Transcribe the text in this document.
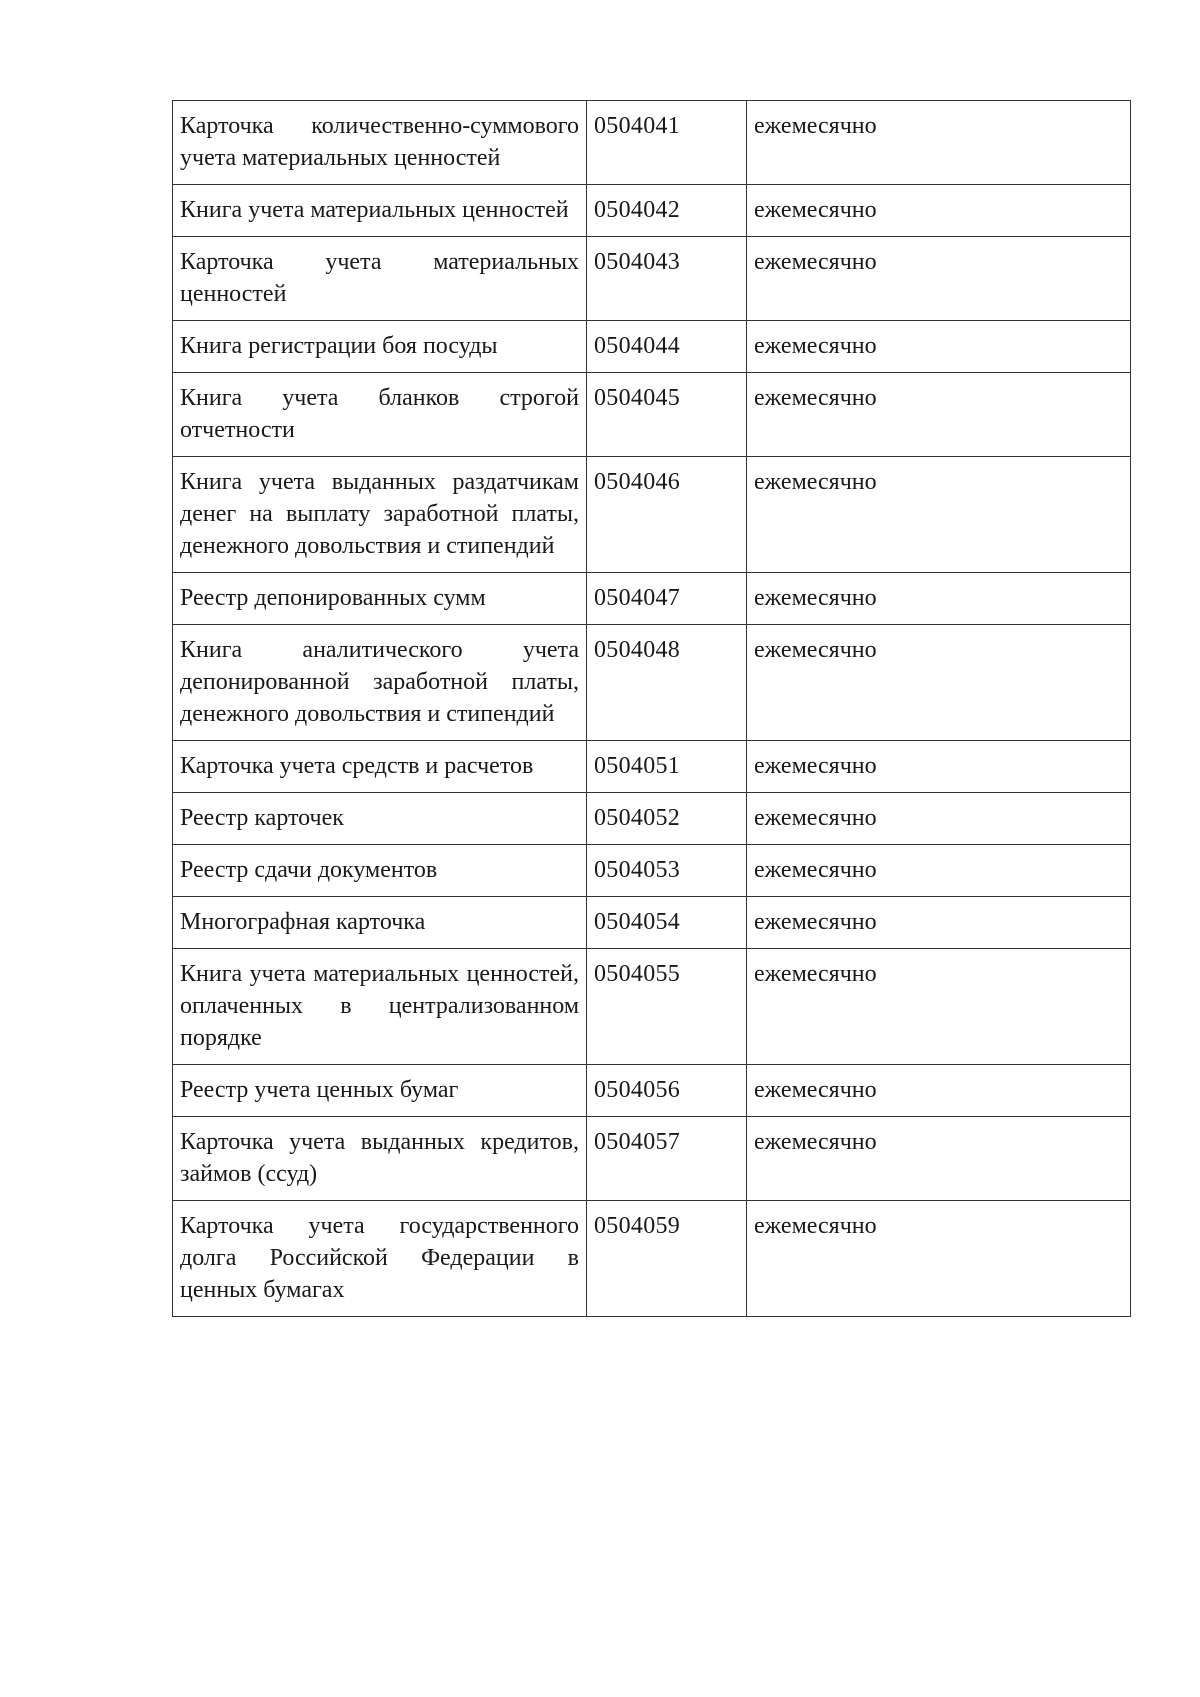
Карточка количественно-суммового учета материальных ценностей	0504041	ежемесячно
Книга учета материальных ценностей	0504042	ежемесячно
Карточка учета материальных ценностей	0504043	ежемесячно
Книга регистрации боя посуды	0504044	ежемесячно
Книга учета бланков строгой отчетности	0504045	ежемесячно
Книга учета выданных раздатчикам денег на выплату заработной платы, денежного довольствия и стипендий	0504046	ежемесячно
Реестр депонированных сумм	0504047	ежемесячно
Книга аналитического учета депонированной заработной платы, денежного довольствия и стипендий	0504048	ежемесячно
Карточка учета средств и расчетов	0504051	ежемесячно
Реестр карточек	0504052	ежемесячно
Реестр сдачи документов	0504053	ежемесячно
Многографная карточка	0504054	ежемесячно
Книга учета материальных ценностей, оплаченных в централизованном порядке	0504055	ежемесячно
Реестр учета ценных бумаг	0504056	ежемесячно
Карточка учета выданных кредитов, займов (ссуд)	0504057	ежемесячно
Карточка учета государственного долга Российской Федерации в ценных бумагах	0504059	ежемесячно
